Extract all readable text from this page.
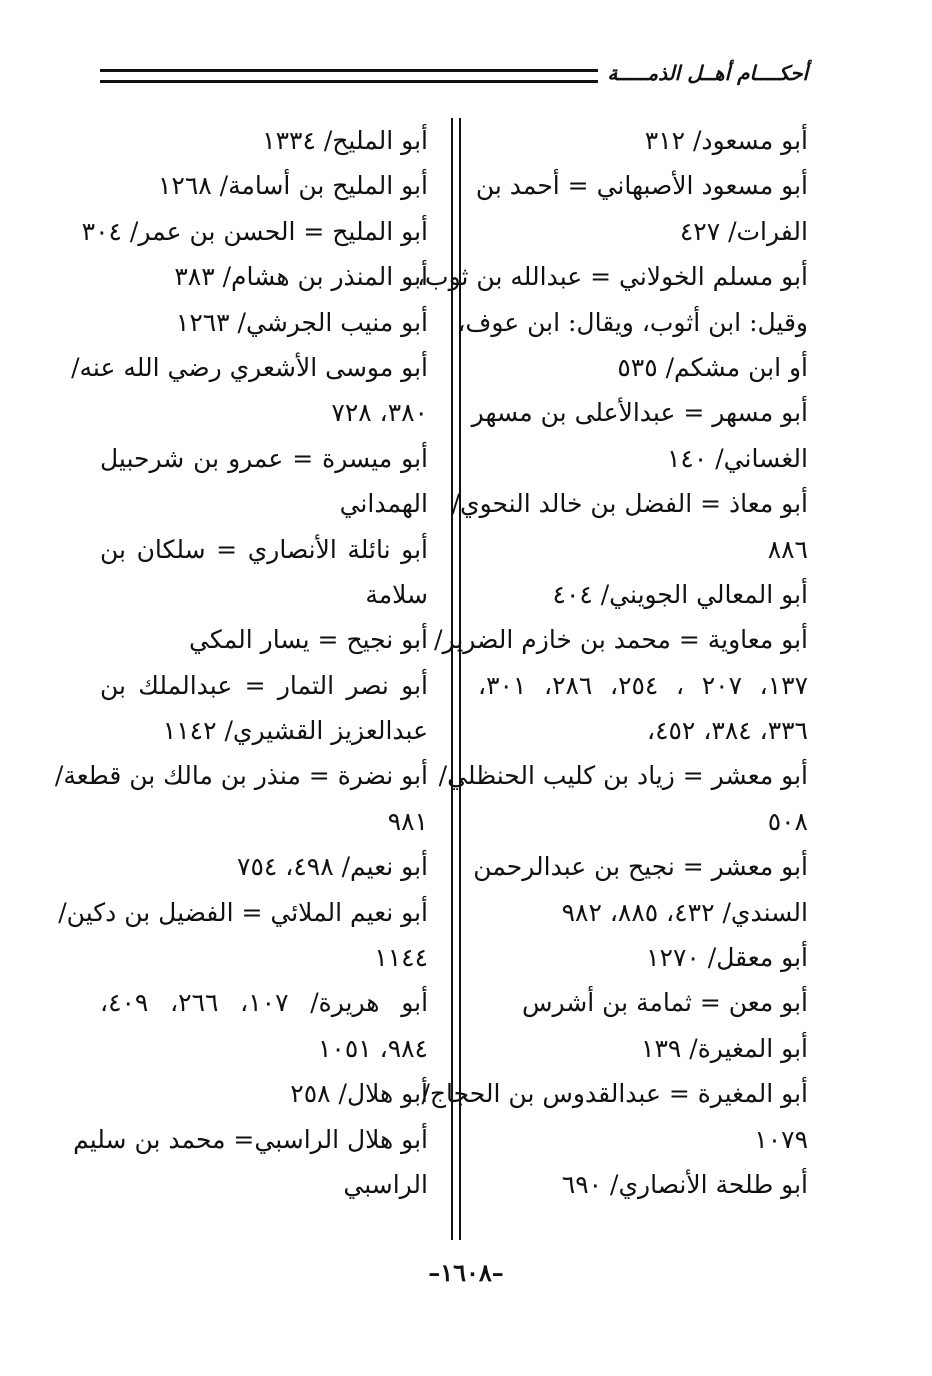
أحكــــام أهــل الذمـــــة
أبو مسعود/ ٣١٢
أبو مسعود الأصبهاني = أحمد بن
الفرات/ ٤٢٧
أبو مسلم الخولاني = عبدالله بن ثوب،
وقيل: ابن أثوب، ويقال: ابن عوف،
أو ابن مشكم/ ٥٣٥
أبو مسهر = عبدالأعلى بن مسهر
الغساني/ ١٤٠
أبو معاذ = الفضل بن خالد النحوي/
٨٨٦
أبو المعالي الجويني/ ٤٠٤
أبو معاوية = محمد بن خازم الضرير/
١٣٧، ٢٠٧ ، ٢٥٤، ٢٨٦، ٣٠١،
٣٣٦، ٣٨٤، ٤٥٢،
أبو معشر = زياد بن كليب الحنظلي/
٥٠٨
أبو معشر = نجيح بن عبدالرحمن
السندي/ ٤٣٢، ٨٨٥، ٩٨٢
أبو معقل/ ١٢٧٠
أبو معن = ثمامة بن أشرس
أبو المغيرة/ ١٣٩
أبو المغيرة = عبدالقدوس بن الحجاج/
١٠٧٩
أبو طلحة الأنصاري/ ٦٩٠
أبو المليح/ ١٣٣٤
أبو المليح بن أسامة/ ١٢٦٨
أبو المليح = الحسن بن عمر/ ٣٠٤
أبو المنذر بن هشام/ ٣٨٣
أبو منيب الجرشي/ ١٢٦٣
أبو موسى الأشعري رضي الله عنه/
٣٨٠، ٧٢٨
أبو ميسرة = عمرو بن شرحبيل
الهمداني
أبو نائلة الأنصاري = سلكان بن
سلامة
أبو نجيح = يسار المكي
أبو نصر التمار = عبدالملك بن
عبدالعزيز القشيري/ ١١٤٢
أبو نضرة = منذر بن مالك بن قطعة/
٩٨١
أبو نعيم/ ٤٩٨، ٧٥٤
أبو نعيم الملائي = الفضيل بن دكين/
١١٤٤
أبو هريرة/ ١٠٧، ٢٦٦، ٤٠٩،
٩٨٤، ١٠٥١
أبو هلال/ ٢٥٨
أبو هلال الراسبي= محمد بن سليم
الراسبي
–١٦٠٨–
